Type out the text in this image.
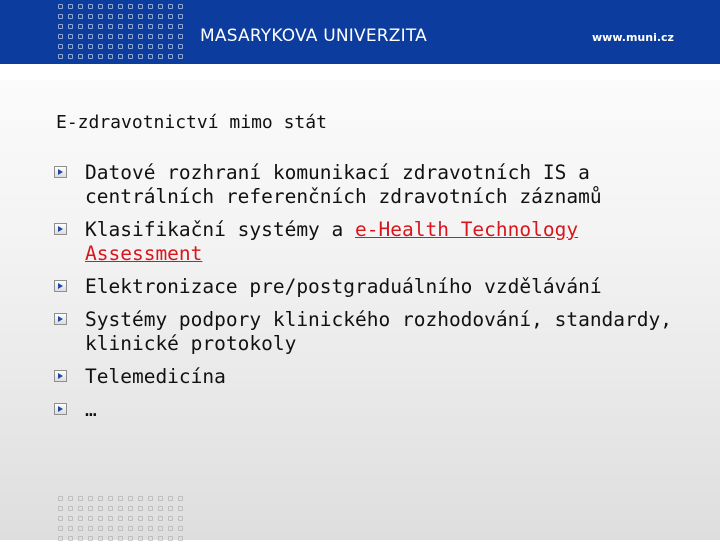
MASARYKOVA UNIVERZITA	www.muni.cz
E-zdravotnictví mimo stát
Datové rozhraní komunikací zdravotních IS a centrálních referenčních zdravotních záznamů
Klasifikační systémy a e-Health Technology Assessment
Elektronizace pre/postgraduálního vzdělávání
Systémy podpory klinického rozhodování, standardy, klinické protokoly
Telemedicína
…
